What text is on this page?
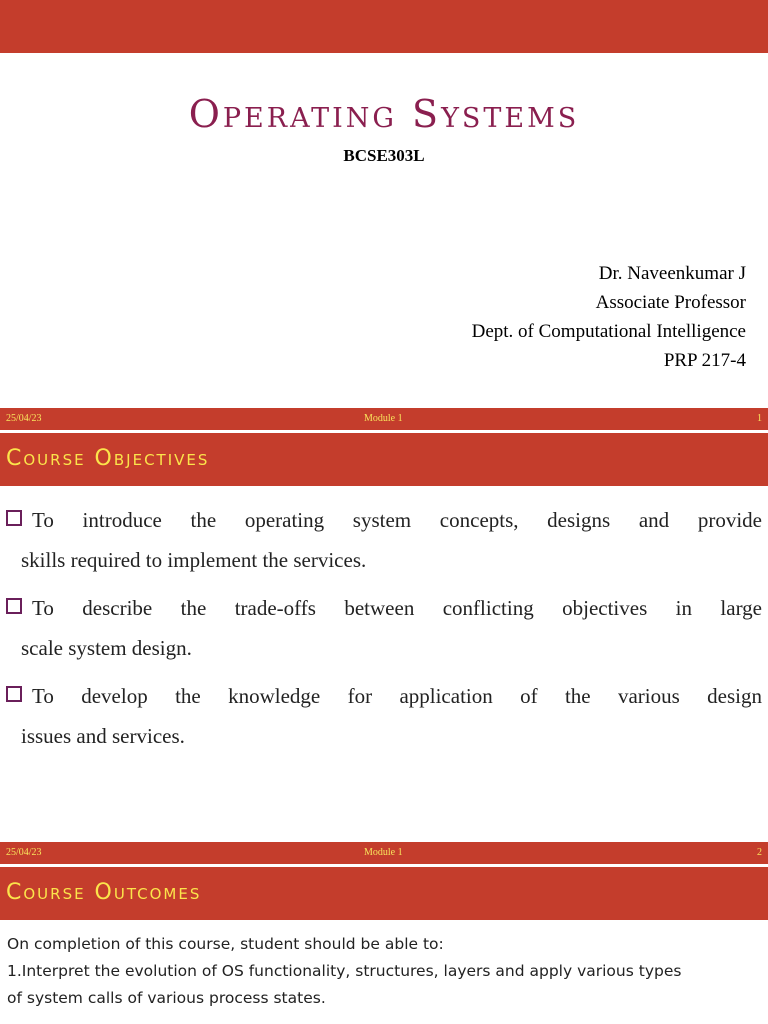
Operating Systems
BCSE303L
Dr. Naveenkumar J
Associate Professor
Dept. of Computational Intelligence
PRP 217-4
25/04/23	Module 1	1
Course Objectives

To introduce the operating system concepts, designs and provide

skills required to implement the services.

To describe the trade-offs between conflicting objectives in large

scale system design.

To develop the knowledge for application of the various design

issues and services.

25/04/23	Module 1	2
Course Outcomes

On completion of this course, student should be able to:

1.Interpret the evolution of OS functionality, structures, layers and apply various types

of system calls of various process states.
